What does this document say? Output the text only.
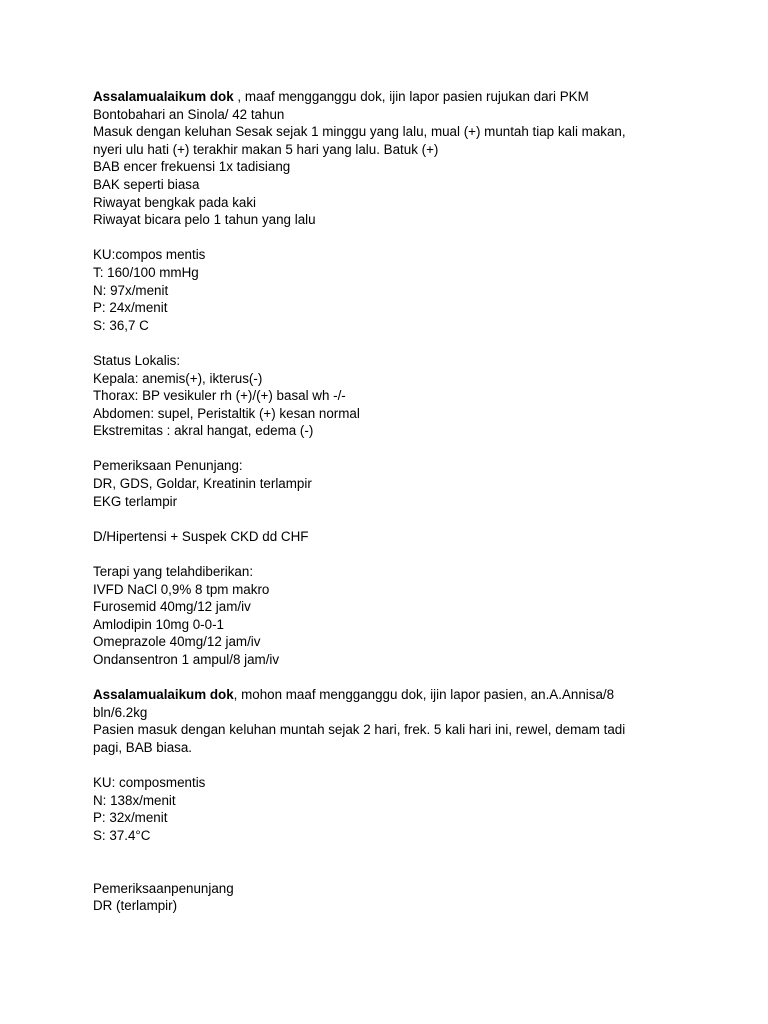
Assalamualaikum dok , maaf mengganggu dok, ijin lapor pasien rujukan dari PKM
Bontobahari an Sinola/ 42 tahun
Masuk dengan keluhan Sesak sejak 1 minggu yang lalu, mual (+) muntah tiap kali makan,
nyeri ulu hati (+) terakhir makan 5 hari yang lalu. Batuk (+)
BAB encer frekuensi 1x tadisiang
BAK seperti biasa
Riwayat bengkak pada kaki
Riwayat bicara pelo 1 tahun yang lalu
KU:compos mentis
T: 160/100 mmHg
N: 97x/menit
P: 24x/menit
S: 36,7 C
Status Lokalis:
Kepala: anemis(+), ikterus(-)
Thorax: BP vesikuler rh (+)/(+) basal wh -/-
Abdomen: supel, Peristaltik (+) kesan normal
Ekstremitas : akral hangat, edema (-)
Pemeriksaan Penunjang:
DR, GDS, Goldar, Kreatinin terlampir
EKG terlampir
D/Hipertensi + Suspek CKD dd CHF
Terapi yang telahdiberikan:
IVFD NaCl 0,9% 8 tpm makro
Furosemid 40mg/12 jam/iv
Amlodipin 10mg 0-0-1
Omeprazole 40mg/12 jam/iv
Ondansentron 1 ampul/8 jam/iv
Assalamualaikum dok, mohon maaf mengganggu dok, ijin lapor pasien, an.A.Annisa/8
bln/6.2kg
Pasien masuk dengan keluhan muntah sejak 2 hari, frek. 5 kali hari ini, rewel, demam tadi
pagi, BAB biasa.
KU: composmentis
N: 138x/menit
P: 32x/menit
S: 37.4°C
Pemeriksaanpenunjang
DR (terlampir)
